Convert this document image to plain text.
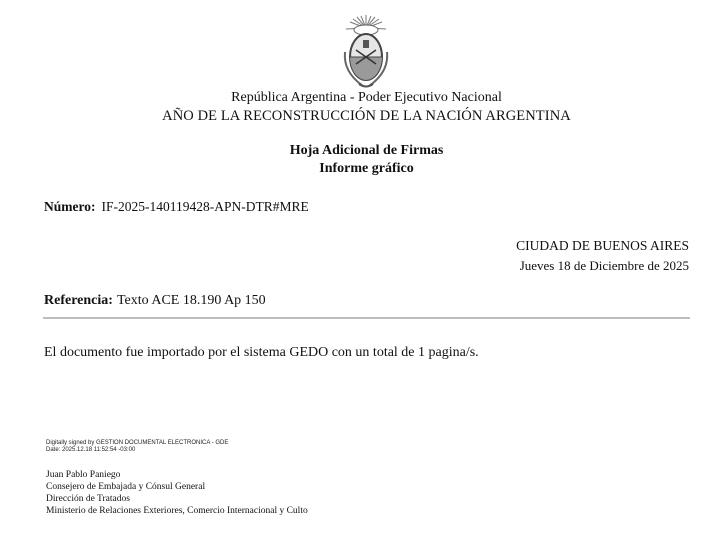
República Argentina - Poder Ejecutivo Nacional
AÑO DE LA RECONSTRUCCIÓN DE LA NACIÓN ARGENTINA
Hoja Adicional de Firmas
Informe gráfico
Número: IF-2025-140119428-APN-DTR#MRE
CIUDAD DE BUENOS AIRES
Jueves 18 de Diciembre de 2025
Referencia: Texto ACE 18.190 Ap 150
El documento fue importado por el sistema GEDO con un total de 1 pagina/s.
Digitally signed by GESTION DOCUMENTAL ELECTRONICA - GDE
Date: 2025.12.18 11:52:54 -03:00
Juan Pablo Paniego
Consejero de Embajada y Cónsul General
Dirección de Tratados
Ministerio de Relaciones Exteriores, Comercio Internacional y Culto
